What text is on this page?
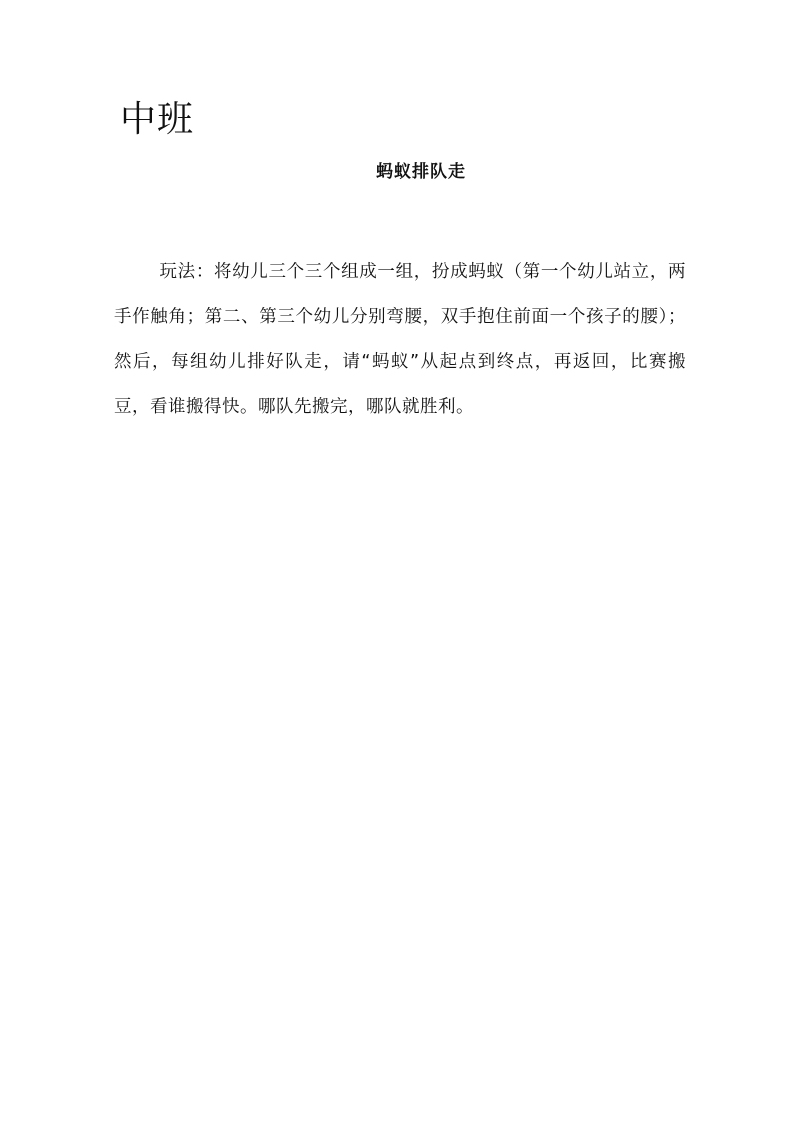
中班
蚂蚁排队走

玩法：将幼儿三个三个组成一组，扮成蚂蚁（第一个幼儿站立，两手作触角；第二、第三个幼儿分别弯腰，双手抱住前面一个孩子的腰）；然后，每组幼儿排好队走，请“蚂蚁”从起点到终点，再返回，比赛搬豆，看谁搬得快。哪队先搬完，哪队就胜利。
